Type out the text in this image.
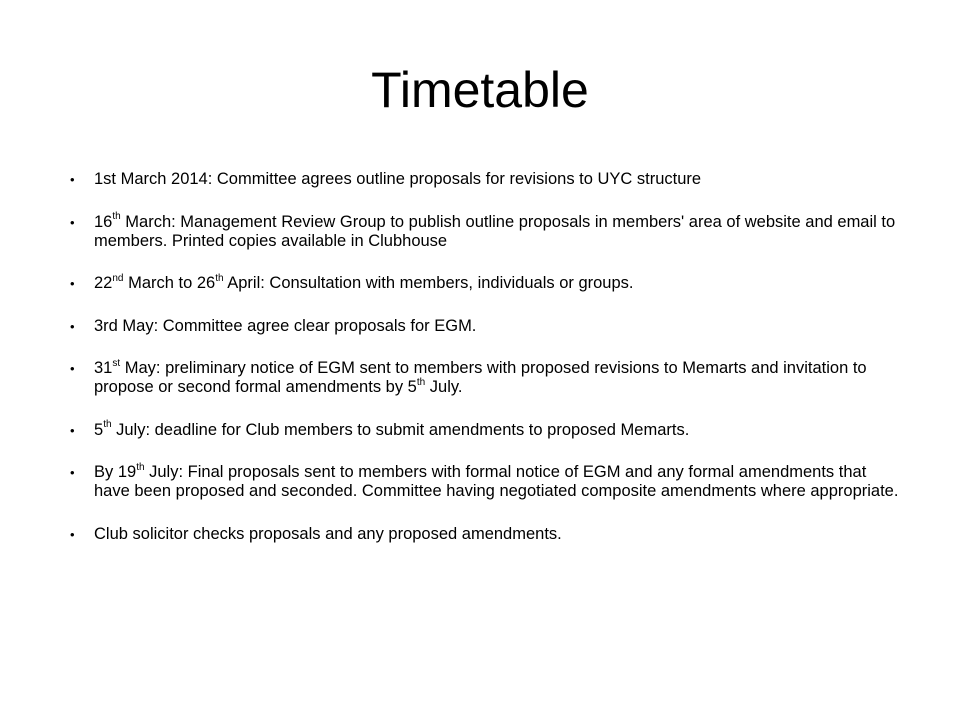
Timetable
•	1st March 2014: Committee agrees outline proposals for revisions to UYC structure
•	16th March: Management Review Group to publish outline proposals in members' area of website and email to members. Printed copies available in Clubhouse
•	22nd March to 26th April: Consultation with members, individuals or groups.
•	3rd May: Committee agree clear proposals for EGM.
•	31st May: preliminary notice of EGM sent to members with proposed revisions to Memarts and invitation to propose or second formal amendments by 5th July.
•	5th July: deadline for Club members to submit amendments to proposed Memarts.
•	By 19th July: Final proposals sent to members with formal notice of EGM and any formal amendments that have been proposed and seconded. Committee having negotiated composite amendments where appropriate.
•	Club solicitor checks proposals and any proposed amendments.
